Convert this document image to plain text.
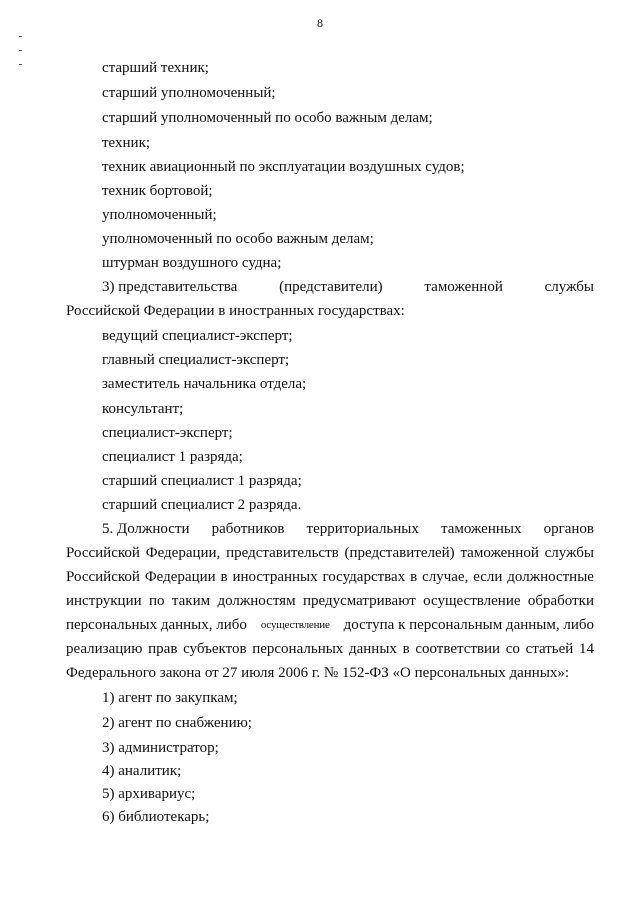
8
старший техник;
старший уполномоченный;
старший уполномоченный по особо важным делам;
техник;
техник авиационный по эксплуатации воздушных судов;
техник бортовой;
уполномоченный;
уполномоченный по особо важным делам;
штурман воздушного судна;
3) представительства	(представители)	таможенной	службы
Российской Федерации в иностранных государствах:
ведущий специалист-эксперт;
главный специалист-эксперт;
заместитель начальника отдела;
консультант;
специалист-эксперт;
специалист 1 разряда;
старший специалист 1 разряда;
старший специалист 2 разряда.
5. Должности работников территориальных таможенных органов
Российской Федерации, представительств (представителей) таможенной службы
Российской Федерации в иностранных государствах в случае, если должностные
инструкции по таким должностям предусматривают осуществление обработки
персональных данных, либо осуществление доступа к персональным данным, либо
реализацию прав субъектов персональных данных в соответствии со статьей 14
Федерального закона от 27 июля 2006 г. № 152-ФЗ «О персональных данных»:
1) агент по закупкам;
2) агент по снабжению;
3) администратор;
4) аналитик;
5) архивариус;
6) библиотекарь;
